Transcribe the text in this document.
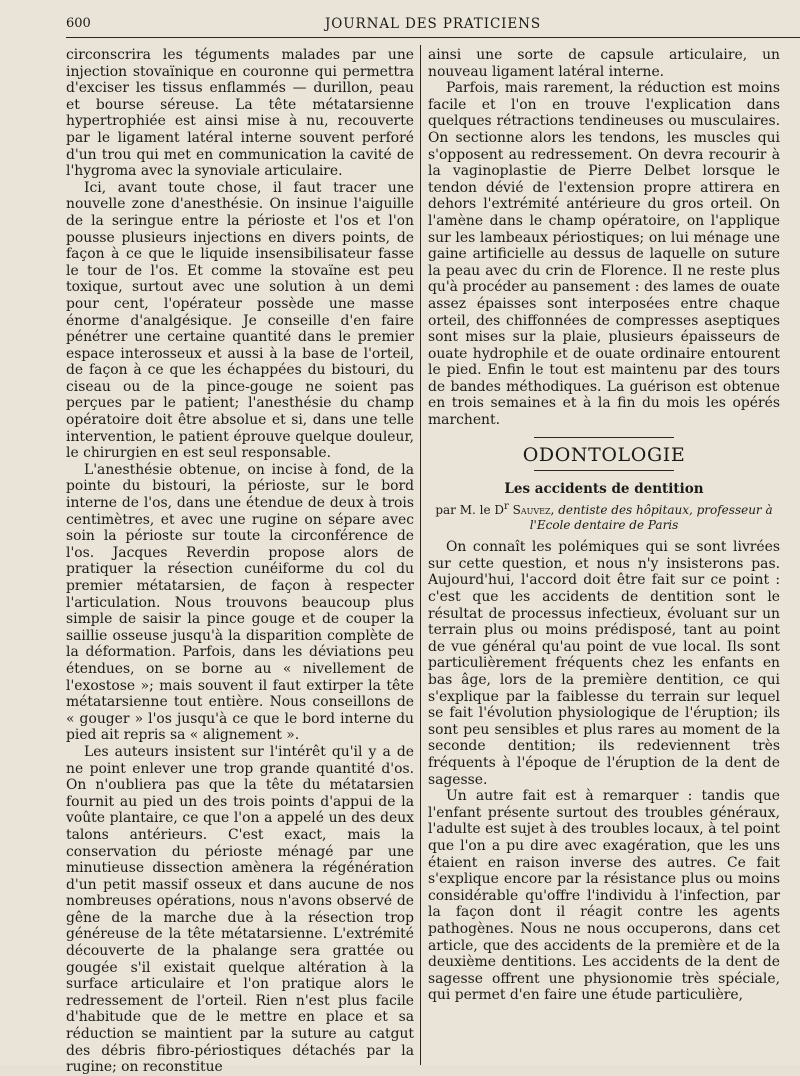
600	JOURNAL DES PRATICIENS

circonscrira les téguments malades par une injection stovaïnique en couronne qui permettra d'exciser les tissus enflammés — durillon, peau et bourse séreuse. La tête métatarsienne hypertrophiée est ainsi mise à nu, recouverte par le ligament latéral interne souvent perforé d'un trou qui met en communication la cavité de l'hygroma avec la synoviale articulaire.

Ici, avant toute chose, il faut tracer une nouvelle zone d'anesthésie. On insinue l'aiguille de la seringue entre la périoste et l'os et l'on pousse plusieurs injections en divers points, de façon à ce que le liquide insensibilisateur fasse le tour de l'os. Et comme la stovaïne est peu toxique, surtout avec une solution à un demi pour cent, l'opérateur possède une masse énorme d'analgésique. Je conseille d'en faire pénétrer une certaine quantité dans le premier espace interosseux et aussi à la base de l'orteil, de façon à ce que les échappées du bistouri, du ciseau ou de la pince-gouge ne soient pas perçues par le patient; l'anesthésie du champ opératoire doit être absolue et si, dans une telle intervention, le patient éprouve quelque douleur, le chirurgien en est seul responsable.

L'anesthésie obtenue, on incise à fond, de la pointe du bistouri, la périoste, sur le bord interne de l'os, dans une étendue de deux à trois centimètres, et avec une rugine on sépare avec soin la périoste sur toute la circonférence de l'os. Jacques Reverdin propose alors de pratiquer la résection cunéiforme du col du premier métatarsien, de façon à respecter l'articulation. Nous trouvons beaucoup plus simple de saisir la pince gouge et de couper la saillie osseuse jusqu'à la disparition complète de la déformation. Parfois, dans les déviations peu étendues, on se borne au « nivellement de l'exostose »; mais souvent il faut extirper la tête métatarsienne tout entière. Nous conseillons de « gouger » l'os jusqu'à ce que le bord interne du pied ait repris sa « alignement ».

Les auteurs insistent sur l'intérêt qu'il y a de ne point enlever une trop grande quantité d'os. On n'oubliera pas que la tête du métatarsien fournit au pied un des trois points d'appui de la voûte plantaire, ce que l'on a appelé un des deux talons antérieurs. C'est exact, mais la conservation du périoste ménagé par une minutieuse dissection amènera la régénération d'un petit massif osseux et dans aucune de nos nombreuses opérations, nous n'avons observé de gêne de la marche due à la résection trop généreuse de la tête métatarsienne. L'extrémité découverte de la phalange sera grattée ou gougée s'il existait quelque altération à la surface articulaire et l'on pratique alors le redressement de l'orteil. Rien n'est plus facile d'habitude que de le mettre en place et sa réduction se maintient par la suture au catgut des débris fibro-périostiques détachés par la rugine; on reconstitue

ainsi une sorte de capsule articulaire, un nouveau ligament latéral interne.

Parfois, mais rarement, la réduction est moins facile et l'on en trouve l'explication dans quelques rétractions tendineuses ou musculaires. On sectionne alors les tendons, les muscles qui s'opposent au redressement. On devra recourir à la vaginoplastie de Pierre Delbet lorsque le tendon dévié de l'extension propre attirera en dehors l'extrémité antérieure du gros orteil. On l'amène dans le champ opératoire, on l'applique sur les lambeaux périostiques; on lui ménage une gaine artificielle au dessus de laquelle on suture la peau avec du crin de Florence. Il ne reste plus qu'à procéder au pansement : des lames de ouate assez épaisses sont interposées entre chaque orteil, des chiffonnées de compresses aseptiques sont mises sur la plaie, plusieurs épaisseurs de ouate hydrophile et de ouate ordinaire entourent le pied. Enfin le tout est maintenu par des tours de bandes méthodiques. La guérison est obtenue en trois semaines et à la fin du mois les opérés marchent.

ODONTOLOGIE
Les accidents de dentition
par M. le $D^r$ Sauvez, dentiste des hôpitaux, professeur à l'Ecole dentaire de Paris

On connaît les polémiques qui se sont livrées sur cette question, et nous n'y insisterons pas. Aujourd'hui, l'accord doit être fait sur ce point : c'est que les accidents de dentition sont le résultat de processus infectieux, évoluant sur un terrain plus ou moins prédisposé, tant au point de vue général qu'au point de vue local. Ils sont particulièrement fréquents chez les enfants en bas âge, lors de la première dentition, ce qui s'explique par la faiblesse du terrain sur lequel se fait l'évolution physiologique de l'éruption; ils sont peu sensibles et plus rares au moment de la seconde dentition; ils redeviennent très fréquents à l'époque de l'éruption de la dent de sagesse.

Un autre fait est à remarquer : tandis que l'enfant présente surtout des troubles généraux, l'adulte est sujet à des troubles locaux, à tel point que l'on a pu dire avec exagération, que les uns étaient en raison inverse des autres. Ce fait s'explique encore par la résistance plus ou moins considérable qu'offre l'individu à l'infection, par la façon dont il réagit contre les agents pathogènes. Nous ne nous occuperons, dans cet article, que des accidents de la première et de la deuxième dentitions. Les accidents de la dent de sagesse offrent une physionomie très spéciale, qui permet d'en faire une étude particulière,
